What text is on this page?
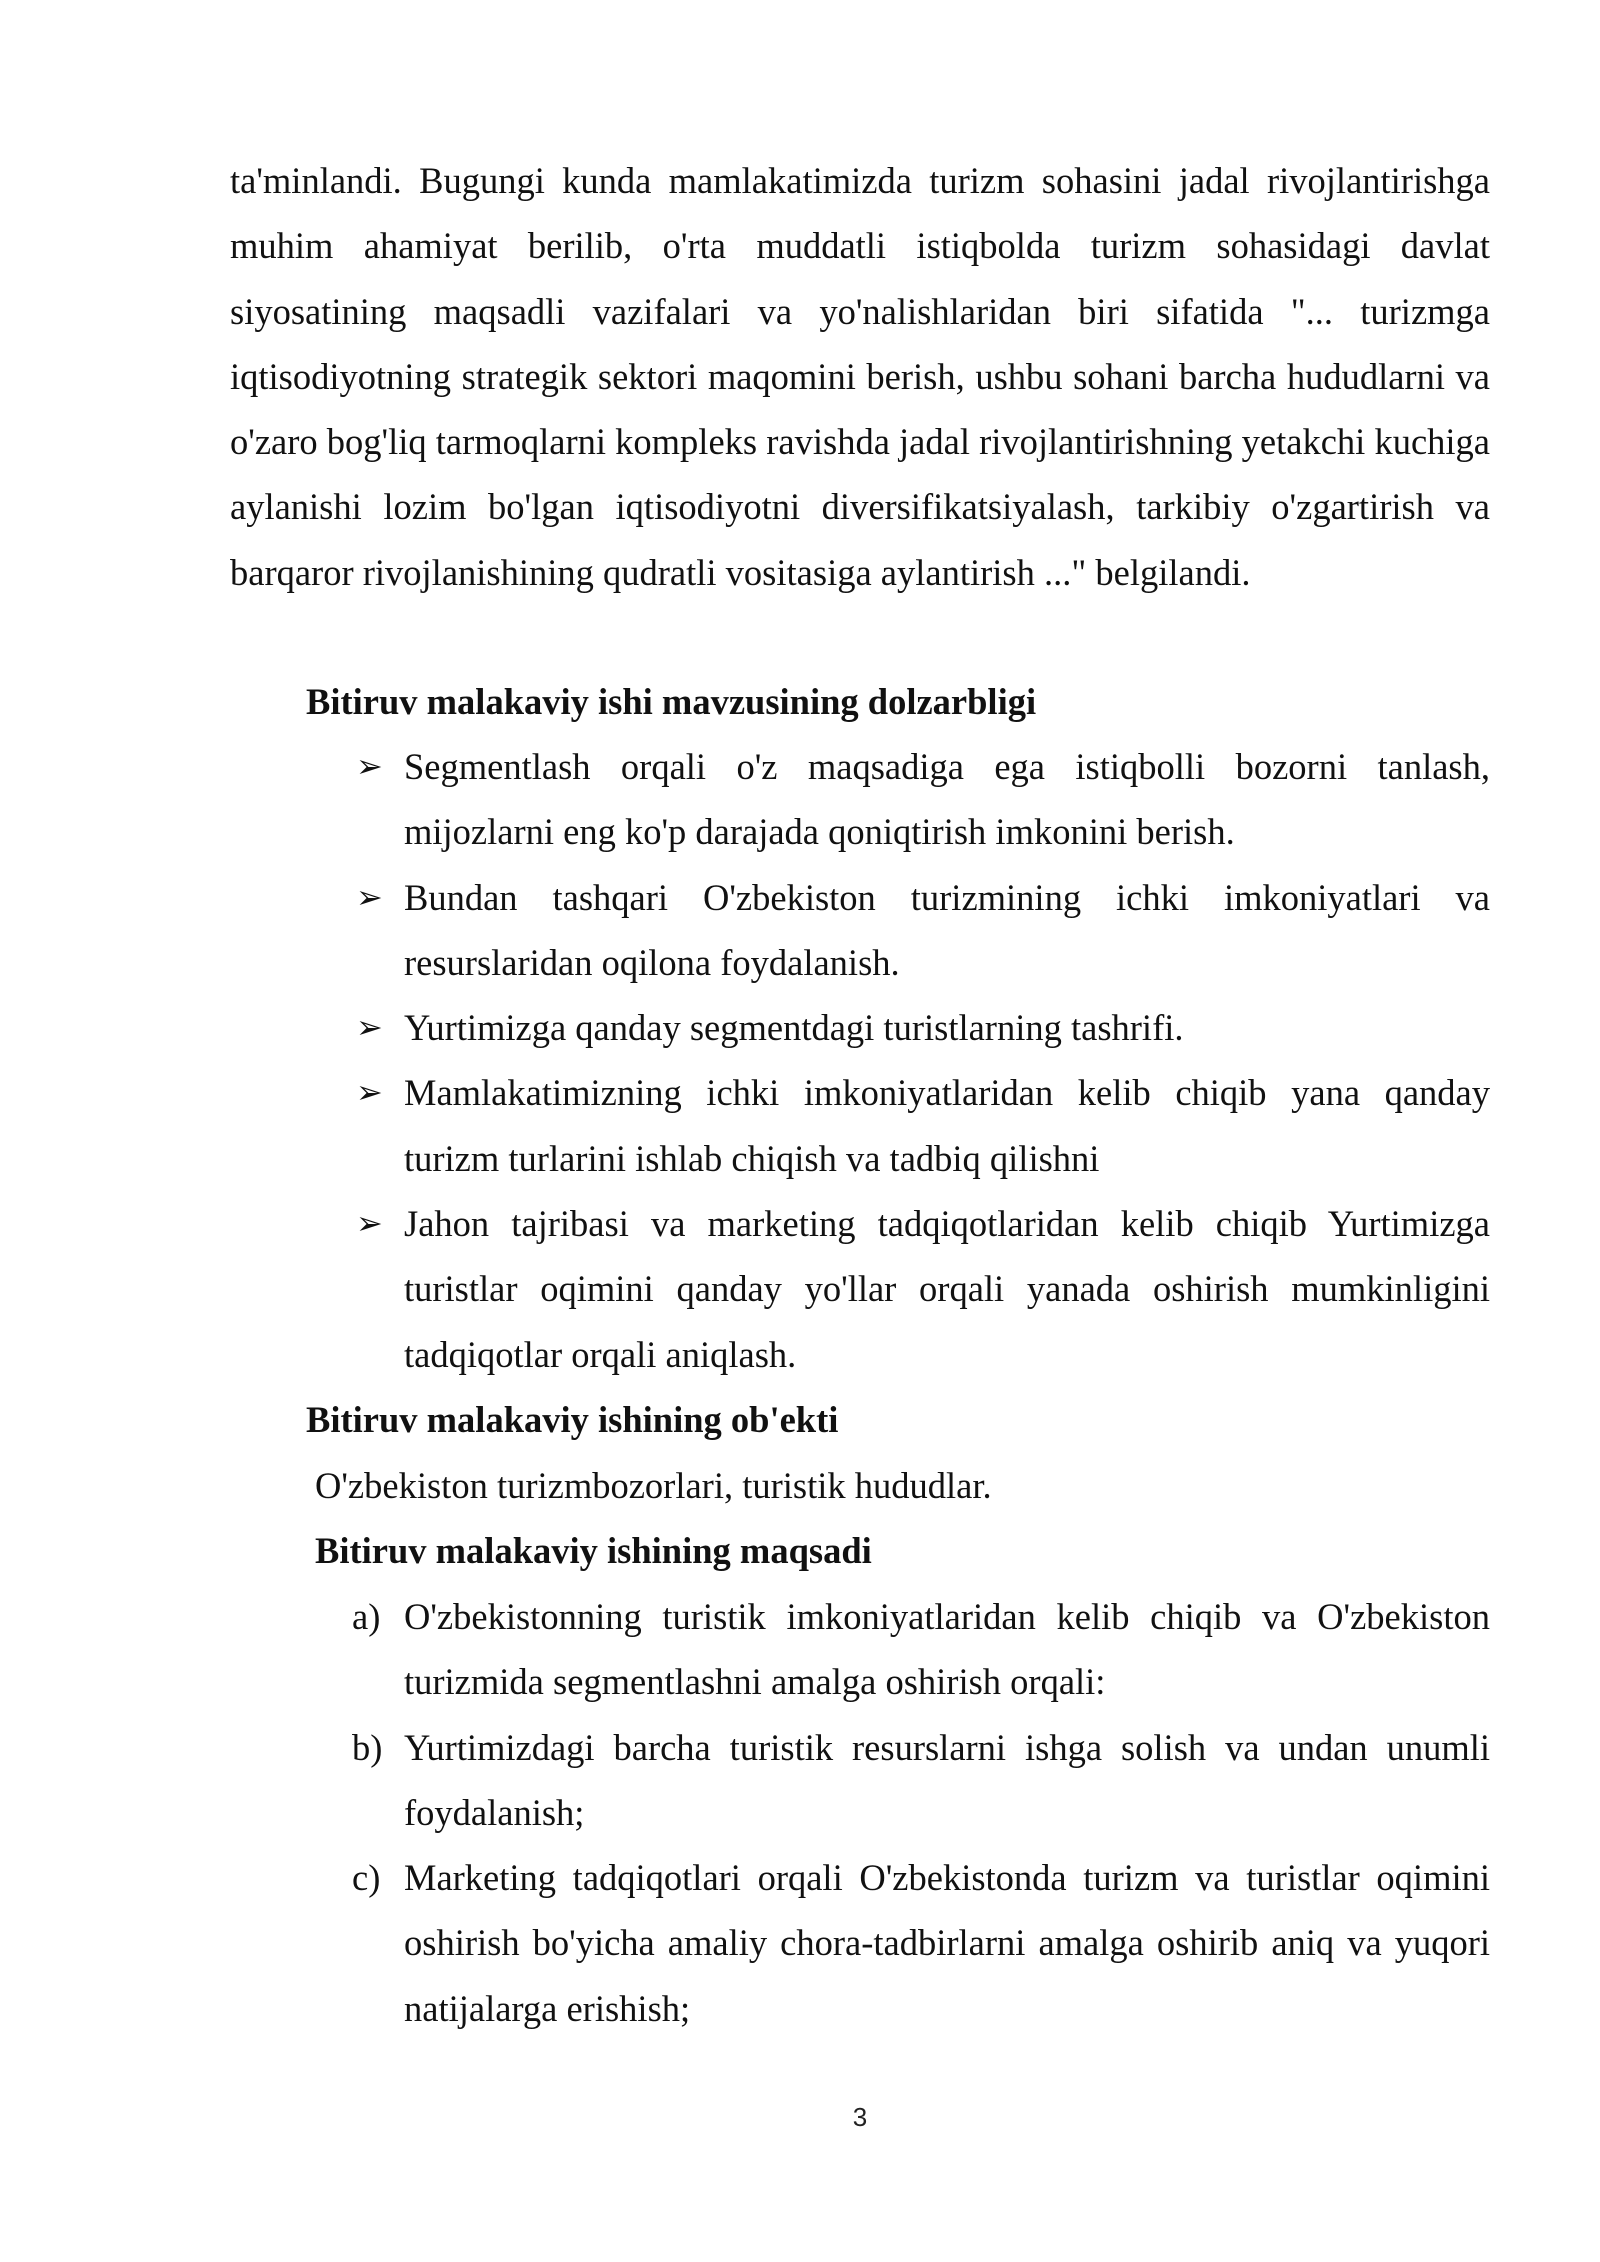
ta'minlandi. Bugungi kunda mamlakatimizda turizm sohasini jadal rivojlantirishga muhim ahamiyat berilib, o'rta muddatli istiqbolda turizm sohasidagi davlat siyosatining maqsadli vazifalari va yo'nalishlaridan biri sifatida "... turizmga iqtisodiyotning strategik sektori maqomini berish, ushbu sohani barcha hududlarni va o'zaro bog'liq tarmoqlarni kompleks ravishda jadal rivojlantirishning yetakchi kuchiga aylanishi lozim bo'lgan iqtisodiyotni diversifikatsiyalash, tarkibiy o'zgartirish va barqaror rivojlanishining qudratli vositasiga aylantirish ..." belgilandi.

Bitiruv malakaviy ishi mavzusining dolzarbligi

➢ Segmentlash orqali o'z maqsadiga ega istiqbolli bozorni tanlash, mijozlarni eng ko'p darajada qoniqtirish imkonini berish.
➢ Bundan tashqari O'zbekiston turizmining ichki imkoniyatlari va resurslaridan oqilona foydalanish.
➢ Yurtimizga qanday segmentdagi turistlarning tashrifi.
➢ Mamlakatimizning ichki imkoniyatlaridan kelib chiqib yana qanday turizm turlarini ishlab chiqish va tadbiq qilishni
➢ Jahon tajribasi va marketing tadqiqotlaridan kelib chiqib Yurtimizga turistlar oqimini qanday yo'llar orqali yanada oshirish mumkinligini tadqiqotlar orqali aniqlash.

Bitiruv malakaviy ishining ob'ekti

O'zbekiston turizmbozorlari, turistik hududlar.

Bitiruv malakaviy ishining maqsadi

a) O'zbekistonning turistik imkoniyatlaridan kelib chiqib va O'zbekiston turizmida segmentlashni amalga oshirish orqali:
b) Yurtimizdagi barcha turistik resurslarni ishga solish va undan unumli foydalanish;
c) Marketing tadqiqotlari orqali O'zbekistonda turizm va turistlar oqimini oshirish bo'yicha amaliy chora-tadbirlarni amalga oshirib aniq va yuqori natijalarga erishish;
3
